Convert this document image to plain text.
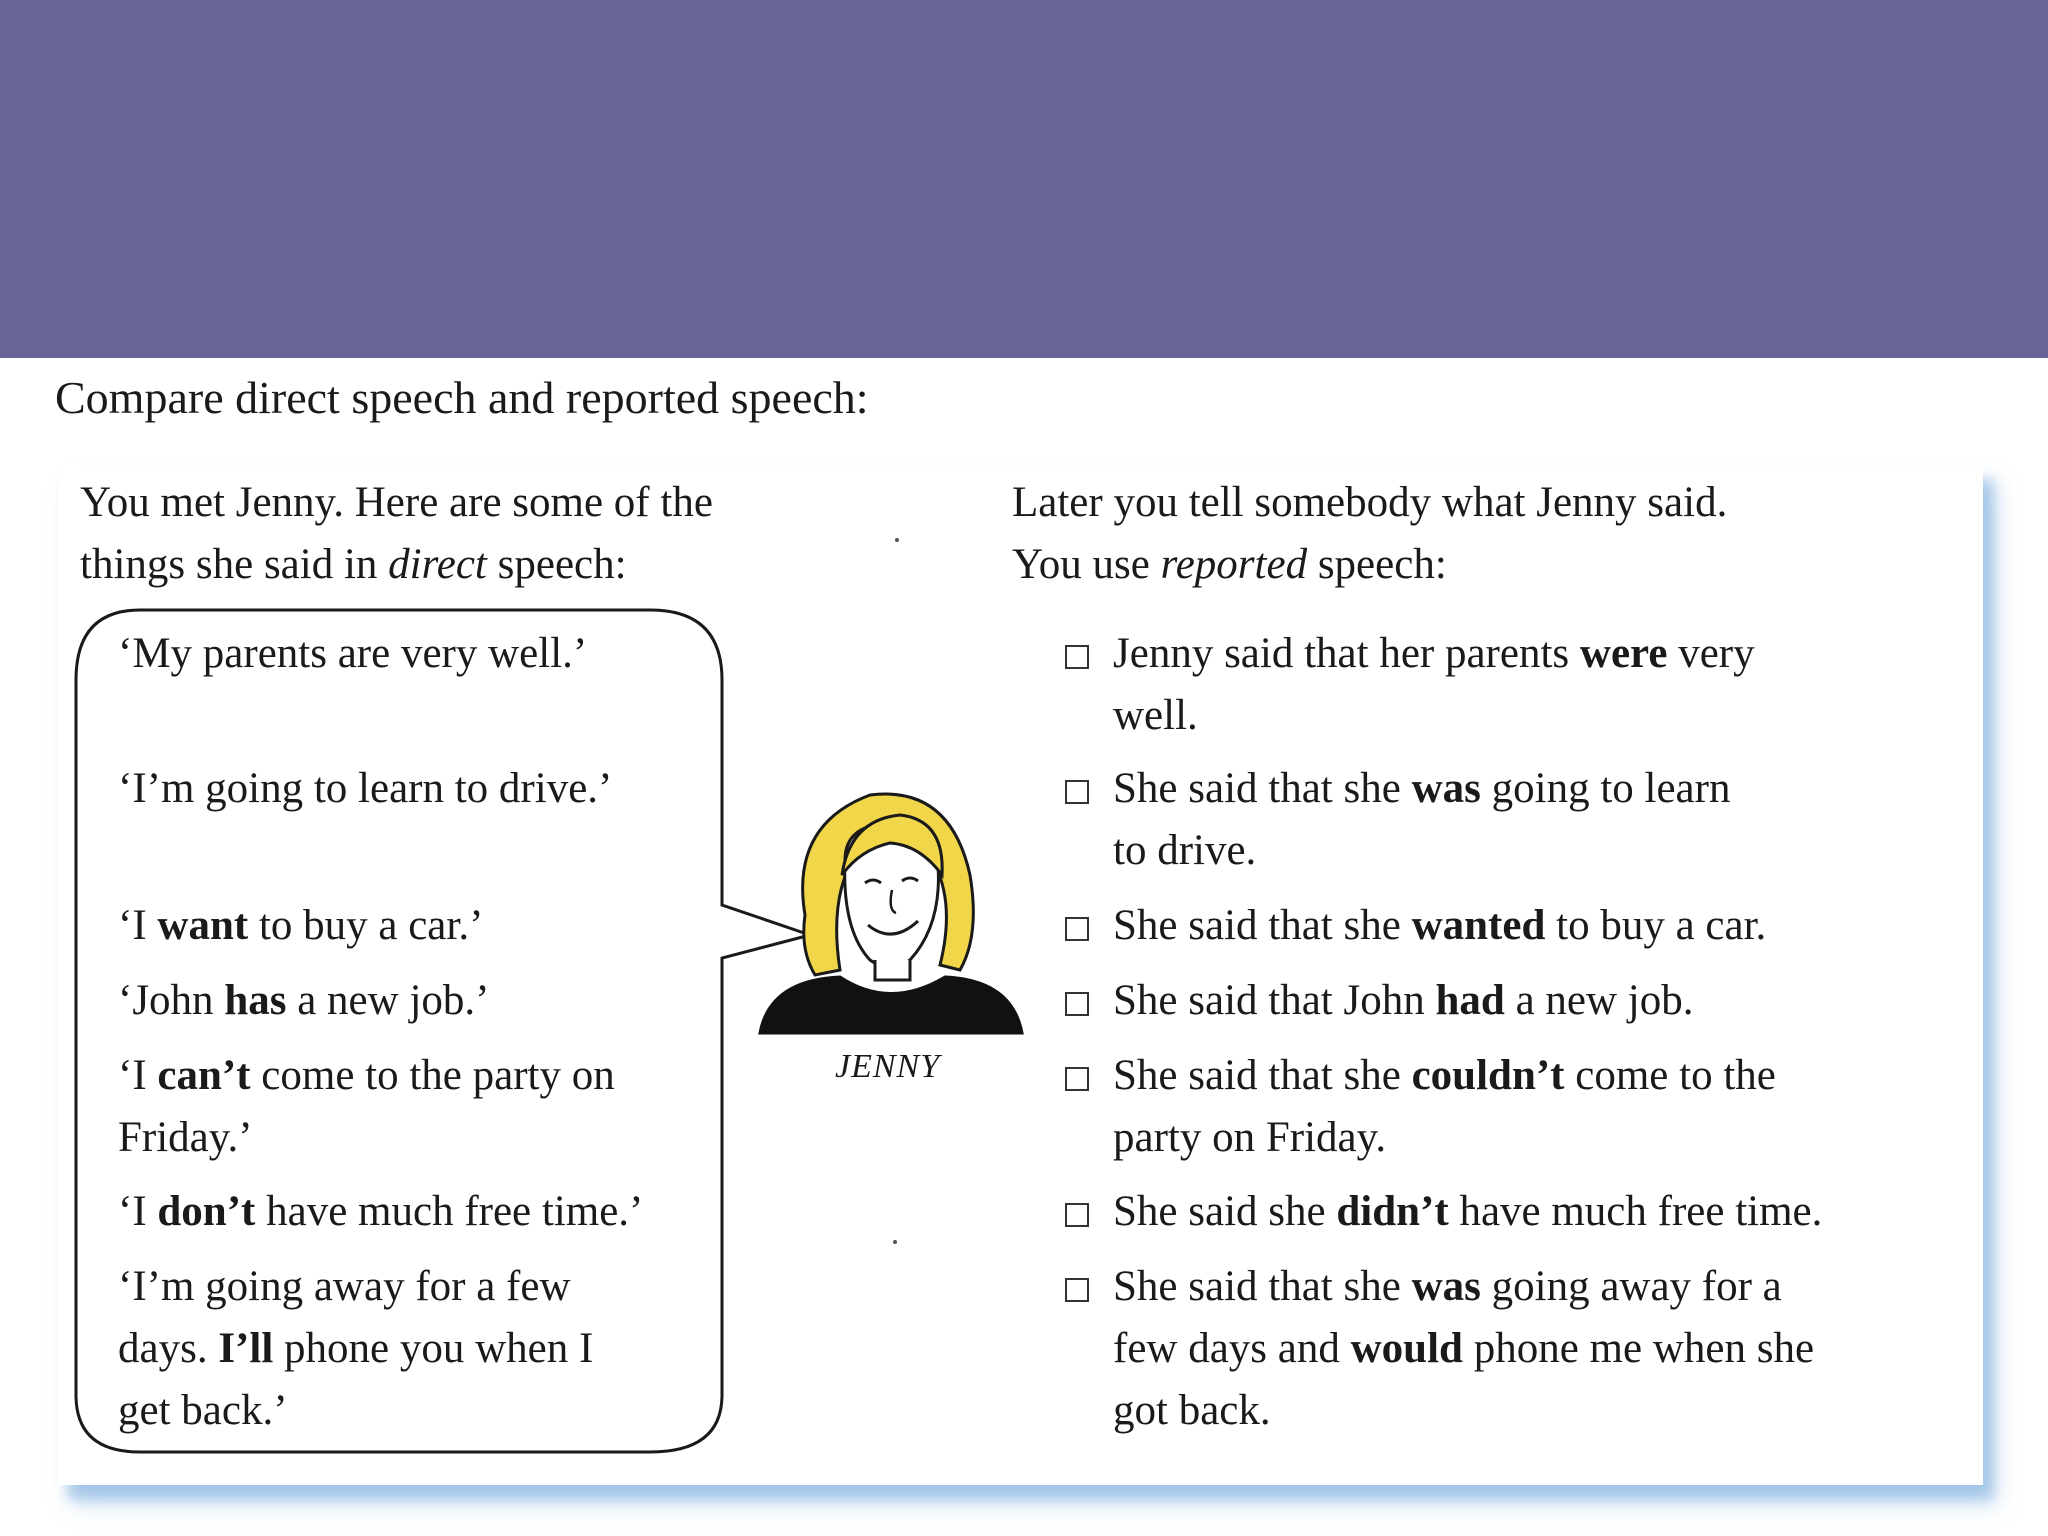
Compare direct speech and reported speech:
You met Jenny. Here are some of the
things she said in direct speech:
Later you tell somebody what Jenny said.
You use reported speech:
‘My parents are very well.’
‘I’m going to learn to drive.’
‘I want to buy a car.’
‘John has a new job.’
‘I can’t come to the party on
Friday.’
‘I don’t have much free time.’
‘I’m going away for a few
days. I’ll phone you when I
get back.’
JENNY
Jenny said that her parents were very
well.
She said that she was going to learn
to drive.
She said that she wanted to buy a car.
She said that John had a new job.
She said that she couldn’t come to the
party on Friday.
She said she didn’t have much free time.
She said that she was going away for a
few days and would phone me when she
got back.
